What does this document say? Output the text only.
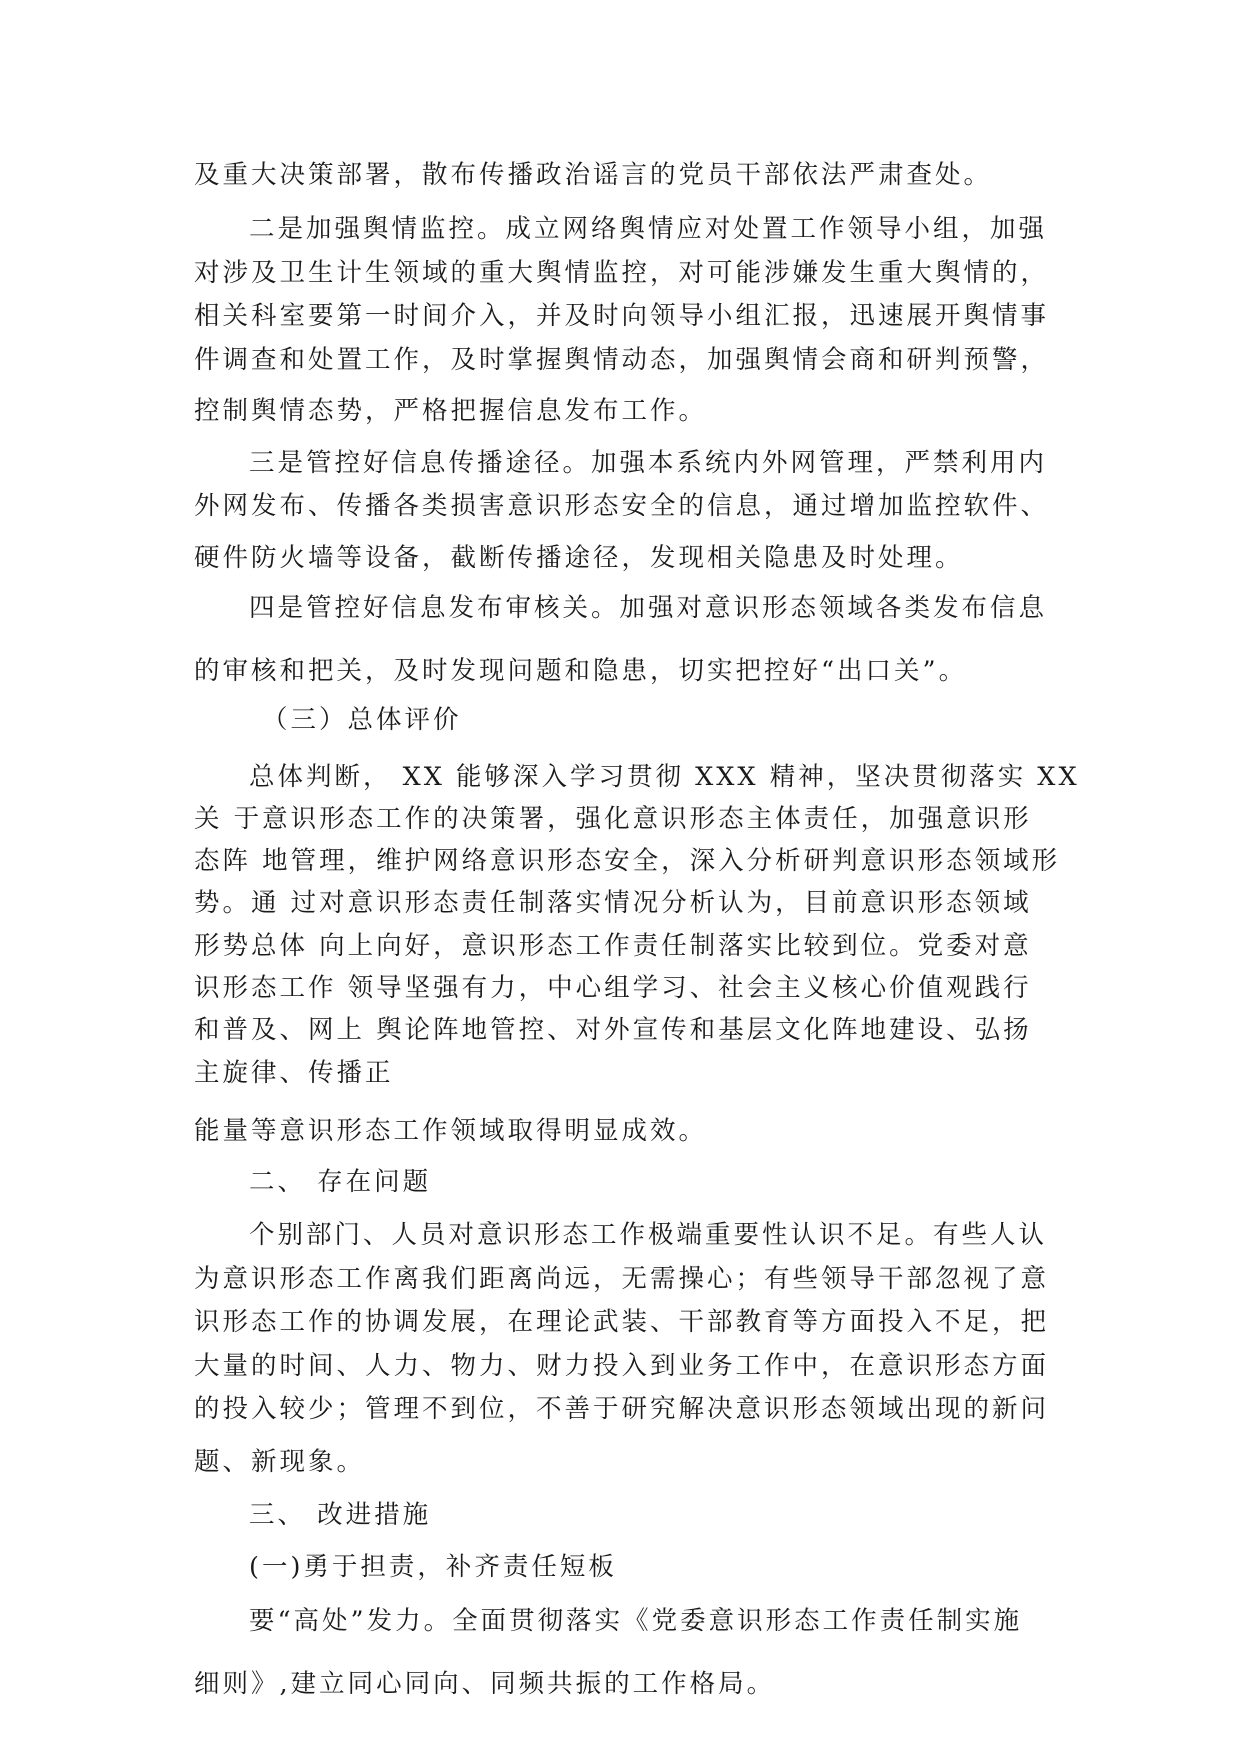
及重大决策部署，散布传播政治谣言的党员干部依法严肃查处。
二是加强舆情监控。成立网络舆情应对处置工作领导小组，加强
对涉及卫生计生领域的重大舆情监控，对可能涉嫌发生重大舆情的，
相关科室要第一时间介入，并及时向领导小组汇报，迅速展开舆情事
件调查和处置工作，及时掌握舆情动态，加强舆情会商和研判预警，
控制舆情态势，严格把握信息发布工作。
三是管控好信息传播途径。加强本系统内外网管理，严禁利用内
外网发布、传播各类损害意识形态安全的信息，通过增加监控软件、
硬件防火墙等设备，截断传播途径，发现相关隐患及时处理。
四是管控好信息发布审核关。加强对意识形态领域各类发布信息
的审核和把关，及时发现问题和隐患，切实把控好“出口关”。
（三）总体评价
总体判断， XX 能够深入学习贯彻 XXX 精神，坚决贯彻落实 XX
关 于意识形态工作的决策署，强化意识形态主体责任，加强意识形
态阵 地管理，维护网络意识形态安全，深入分析研判意识形态领域形
势。通 过对意识形态责任制落实情况分析认为，目前意识形态领域
形势总体 向上向好，意识形态工作责任制落实比较到位。党委对意
识形态工作 领导坚强有力，中心组学习、社会主义核心价值观践行
和普及、网上 舆论阵地管控、对外宣传和基层文化阵地建设、弘扬
主旋律、传播正
能量等意识形态工作领域取得明显成效。
二、 存在问题
个别部门、人员对意识形态工作极端重要性认识不足。有些人认
为意识形态工作离我们距离尚远，无需操心；有些领导干部忽视了意
识形态工作的协调发展，在理论武装、干部教育等方面投入不足，把
大量的时间、人力、物力、财力投入到业务工作中，在意识形态方面
的投入较少；管理不到位，不善于研究解决意识形态领域出现的新问
题、新现象。
三、 改进措施
(一)勇于担责，补齐责任短板
要“高处”发力。全面贯彻落实《党委意识形态工作责任制实施
细则》,建立同心同向、同频共振的工作格局。
